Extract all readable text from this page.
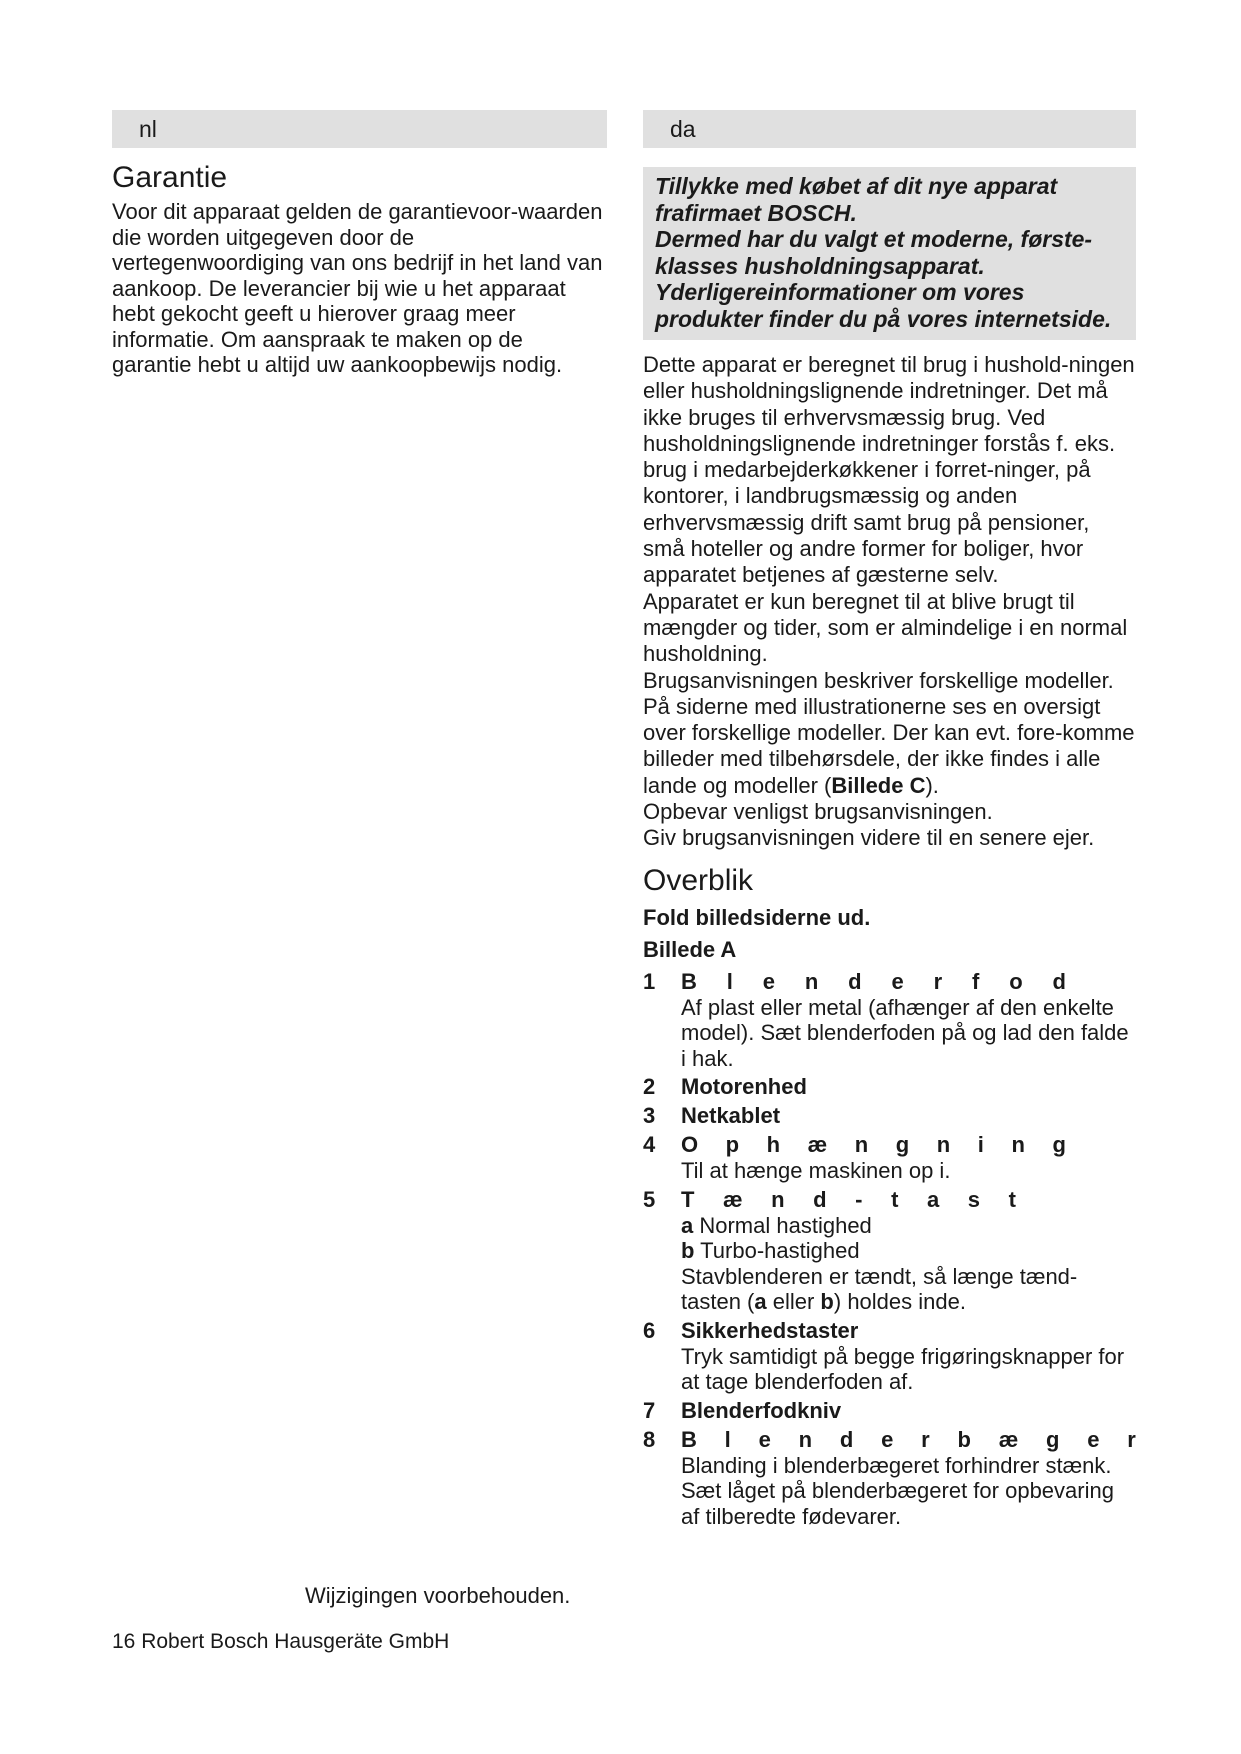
nl
Garantie

Voor dit apparaat gelden de garantievoor-waarden die worden uitgegeven door de vertegenwoordiging van ons bedrijf in het land van aankoop. De leverancier bij wie u het apparaat hebt gekocht geeft u hierover graag meer informatie. Om aanspraak te maken op de garantie hebt u altijd uw aankoopbewijs nodig.

Wijzigingen voorbehouden.
da

Tillykke med købet af dit nye apparat frafirmaet BOSCH.

Dermed har du valgt et moderne, første-klasses husholdningsapparat.

Yderligereinformationer om vores produkter finder du på vores internetside.

Dette apparat er beregnet til brug i hushold-ningen eller husholdningslignende indretninger. Det må ikke bruges til erhvervsmæssig brug. Ved husholdningslignende indretninger forstås f. eks. brug i medarbejderkøkkener i forret-ninger, på kontorer, i landbrugsmæssig og anden erhvervsmæssig drift samt brug på pensioner, små hoteller og andre former for boliger, hvor apparatet betjenes af gæsterne selv.

Apparatet er kun beregnet til at blive brugt til mængder og tider, som er almindelige i en normal husholdning.

Brugsanvisningen beskriver forskellige modeller. På siderne med illustrationerne ses en oversigt over forskellige modeller. Der kan evt. fore-komme billeder med tilbehørsdele, der ikke findes i alle lande og modeller (Billede C).

Opbevar venligst brugsanvisningen.

Giv brugsanvisningen videre til en senere ejer.

Overblik

Fold billedsiderne ud.

Billede A

1	B l e n d e r f o d

Af plast eller metal (afhænger af den enkelte model). Sæt blenderfoden på og lad den falde i hak.

2	Motorenhed
3	Netkablet
4	O p h æ n g n i n g

Til at hænge maskinen op i.

5	T æ n d - t a s t

a Normal hastighed

b Turbo-hastighed

Stavblenderen er tændt, så længe tænd-tasten (a eller b) holdes inde.

6	Sikkerhedstaster

Tryk samtidigt på begge frigøringsknapper for at tage blenderfoden af.

7	Blenderfodkniv
8	B l e n d e r b æ g e r

Blanding i blenderbægeret forhindrer stænk. Sæt låget på blenderbægeret for opbevaring af tilberedte fødevarer.

16 Robert Bosch Hausgeräte GmbH
